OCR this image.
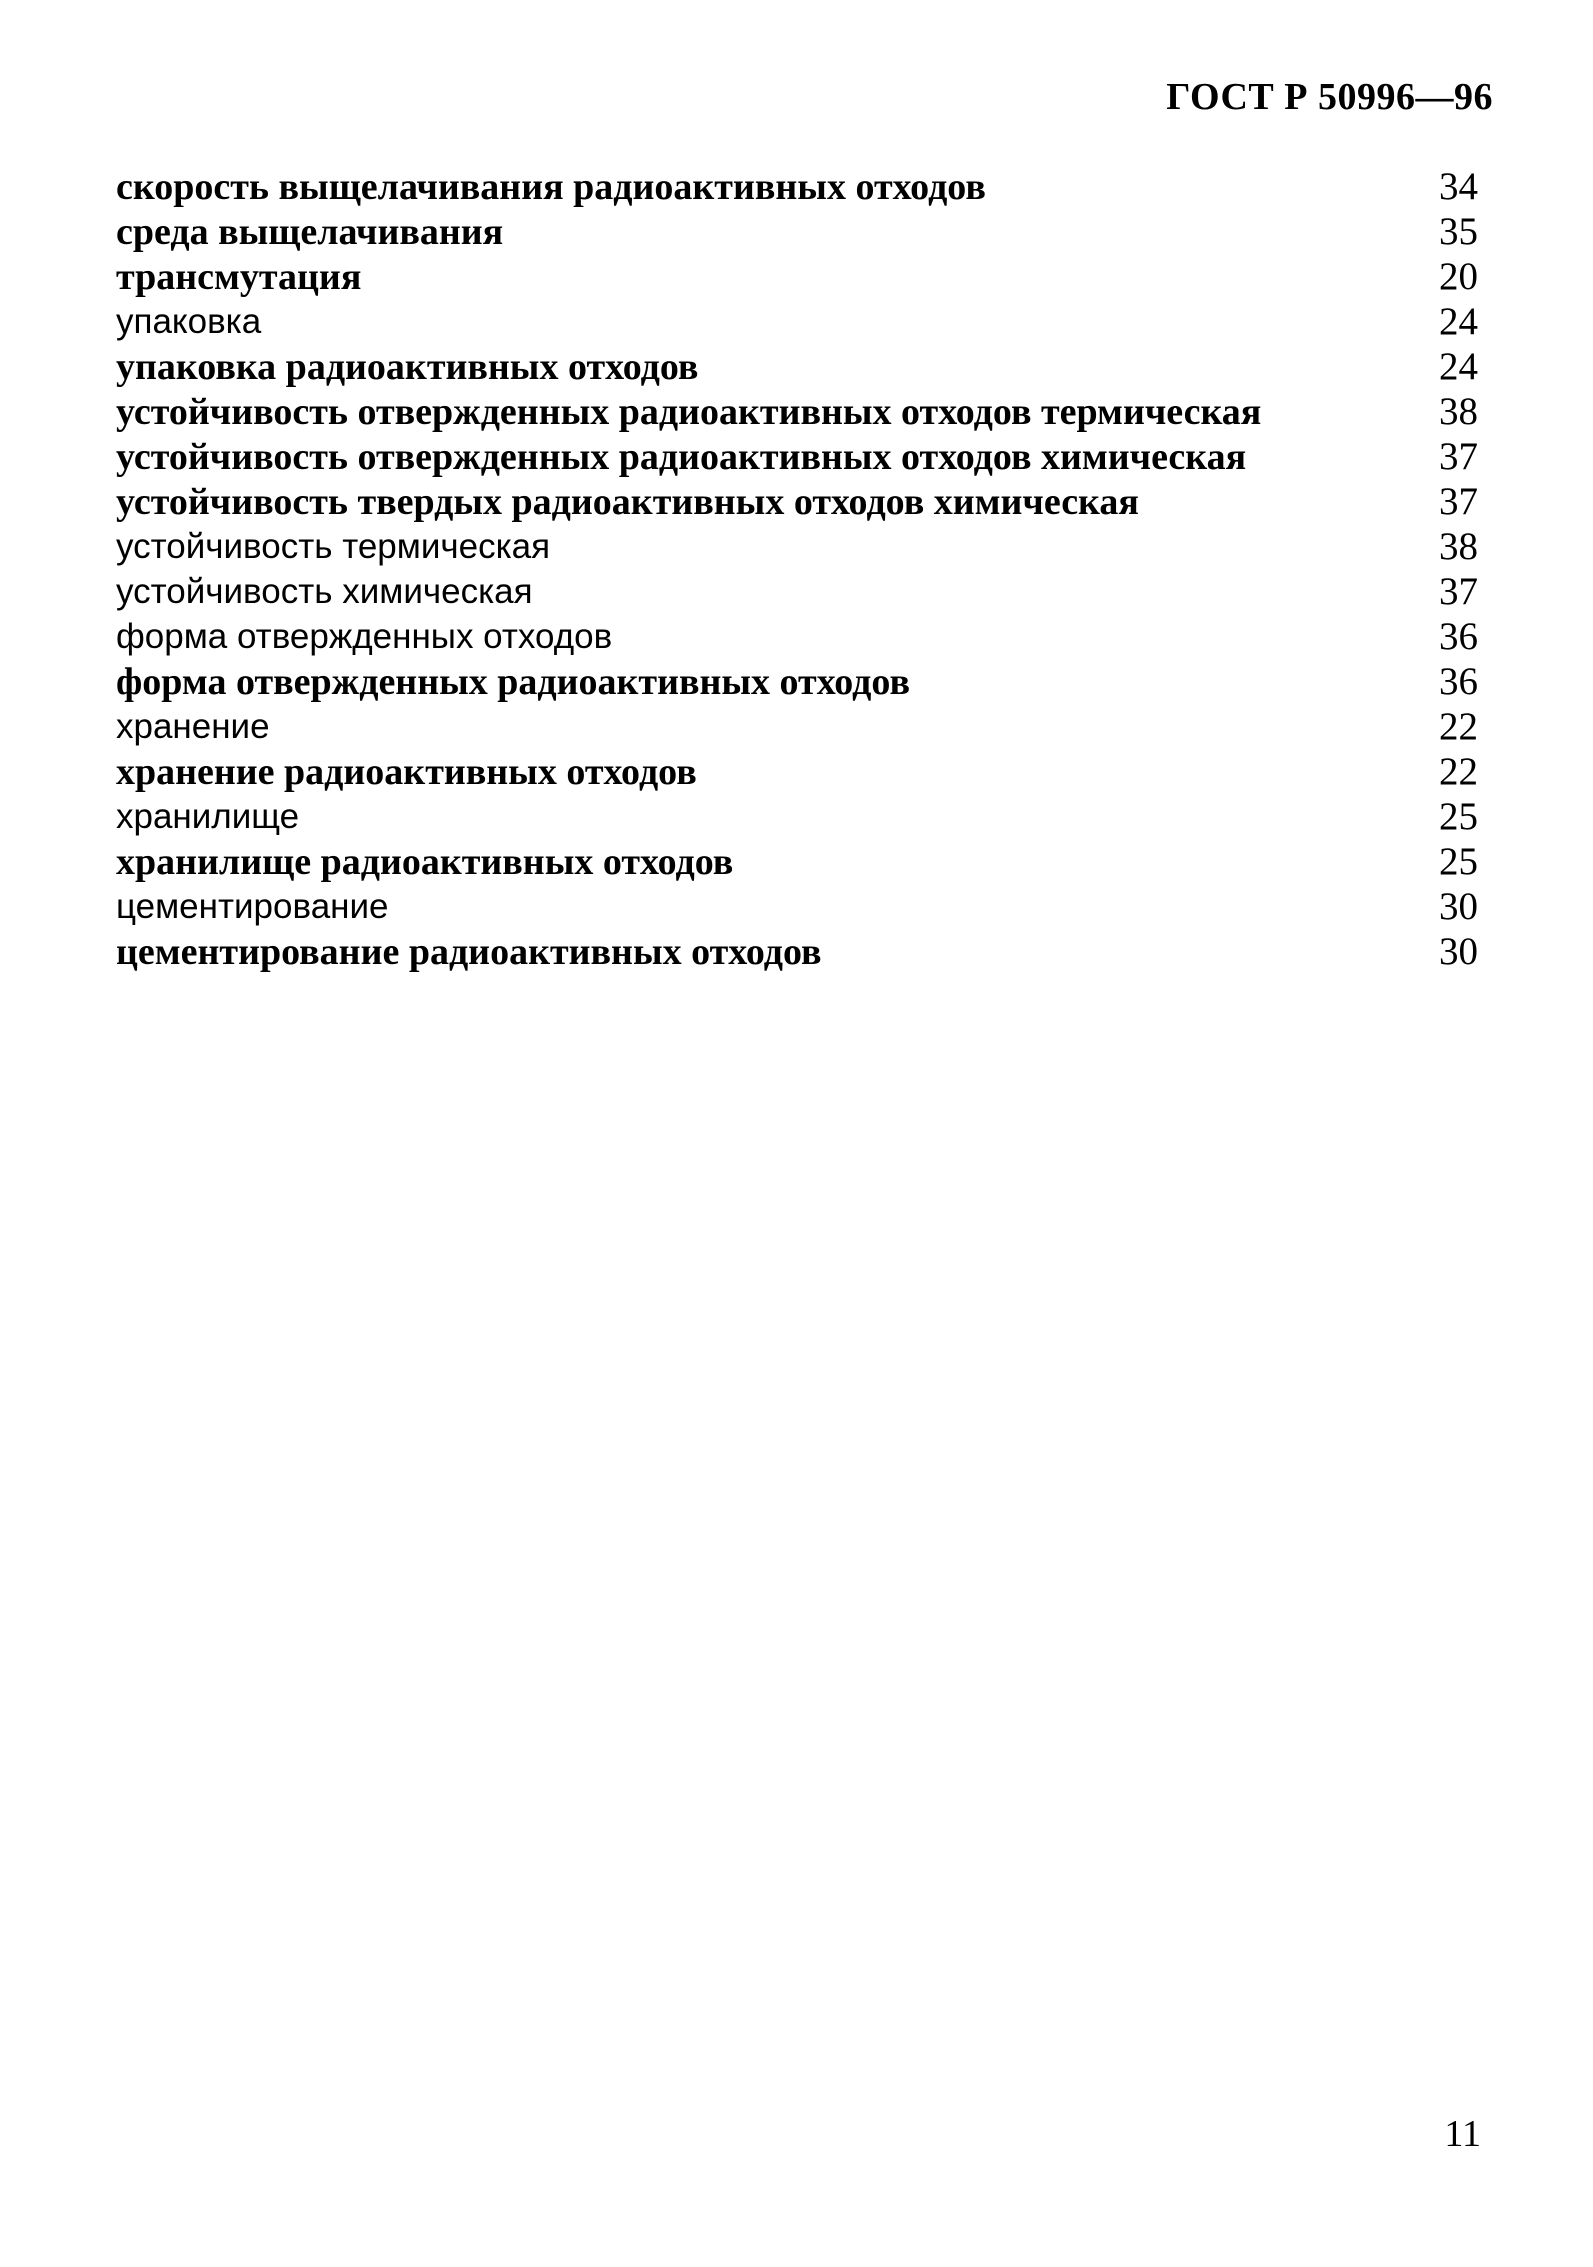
ГОСТ Р 50996—96
скорость выщелачивания радиоактивных отходов	34
среда выщелачивания	35
трансмутация	20
упаковка	24
упаковка радиоактивных отходов	24
устойчивость отвержденных радиоактивных отходов термическая	38
устойчивость отвержденных радиоактивных отходов химическая	37
устойчивость твердых радиоактивных отходов химическая	37
устойчивость термическая	38
устойчивость химическая	37
форма отвержденных отходов	36
форма отвержденных радиоактивных отходов	36
хранение	22
хранение радиоактивных отходов	22
хранилище	25
хранилище радиоактивных отходов	25
цементирование	30
цементирование радиоактивных отходов	30
11
